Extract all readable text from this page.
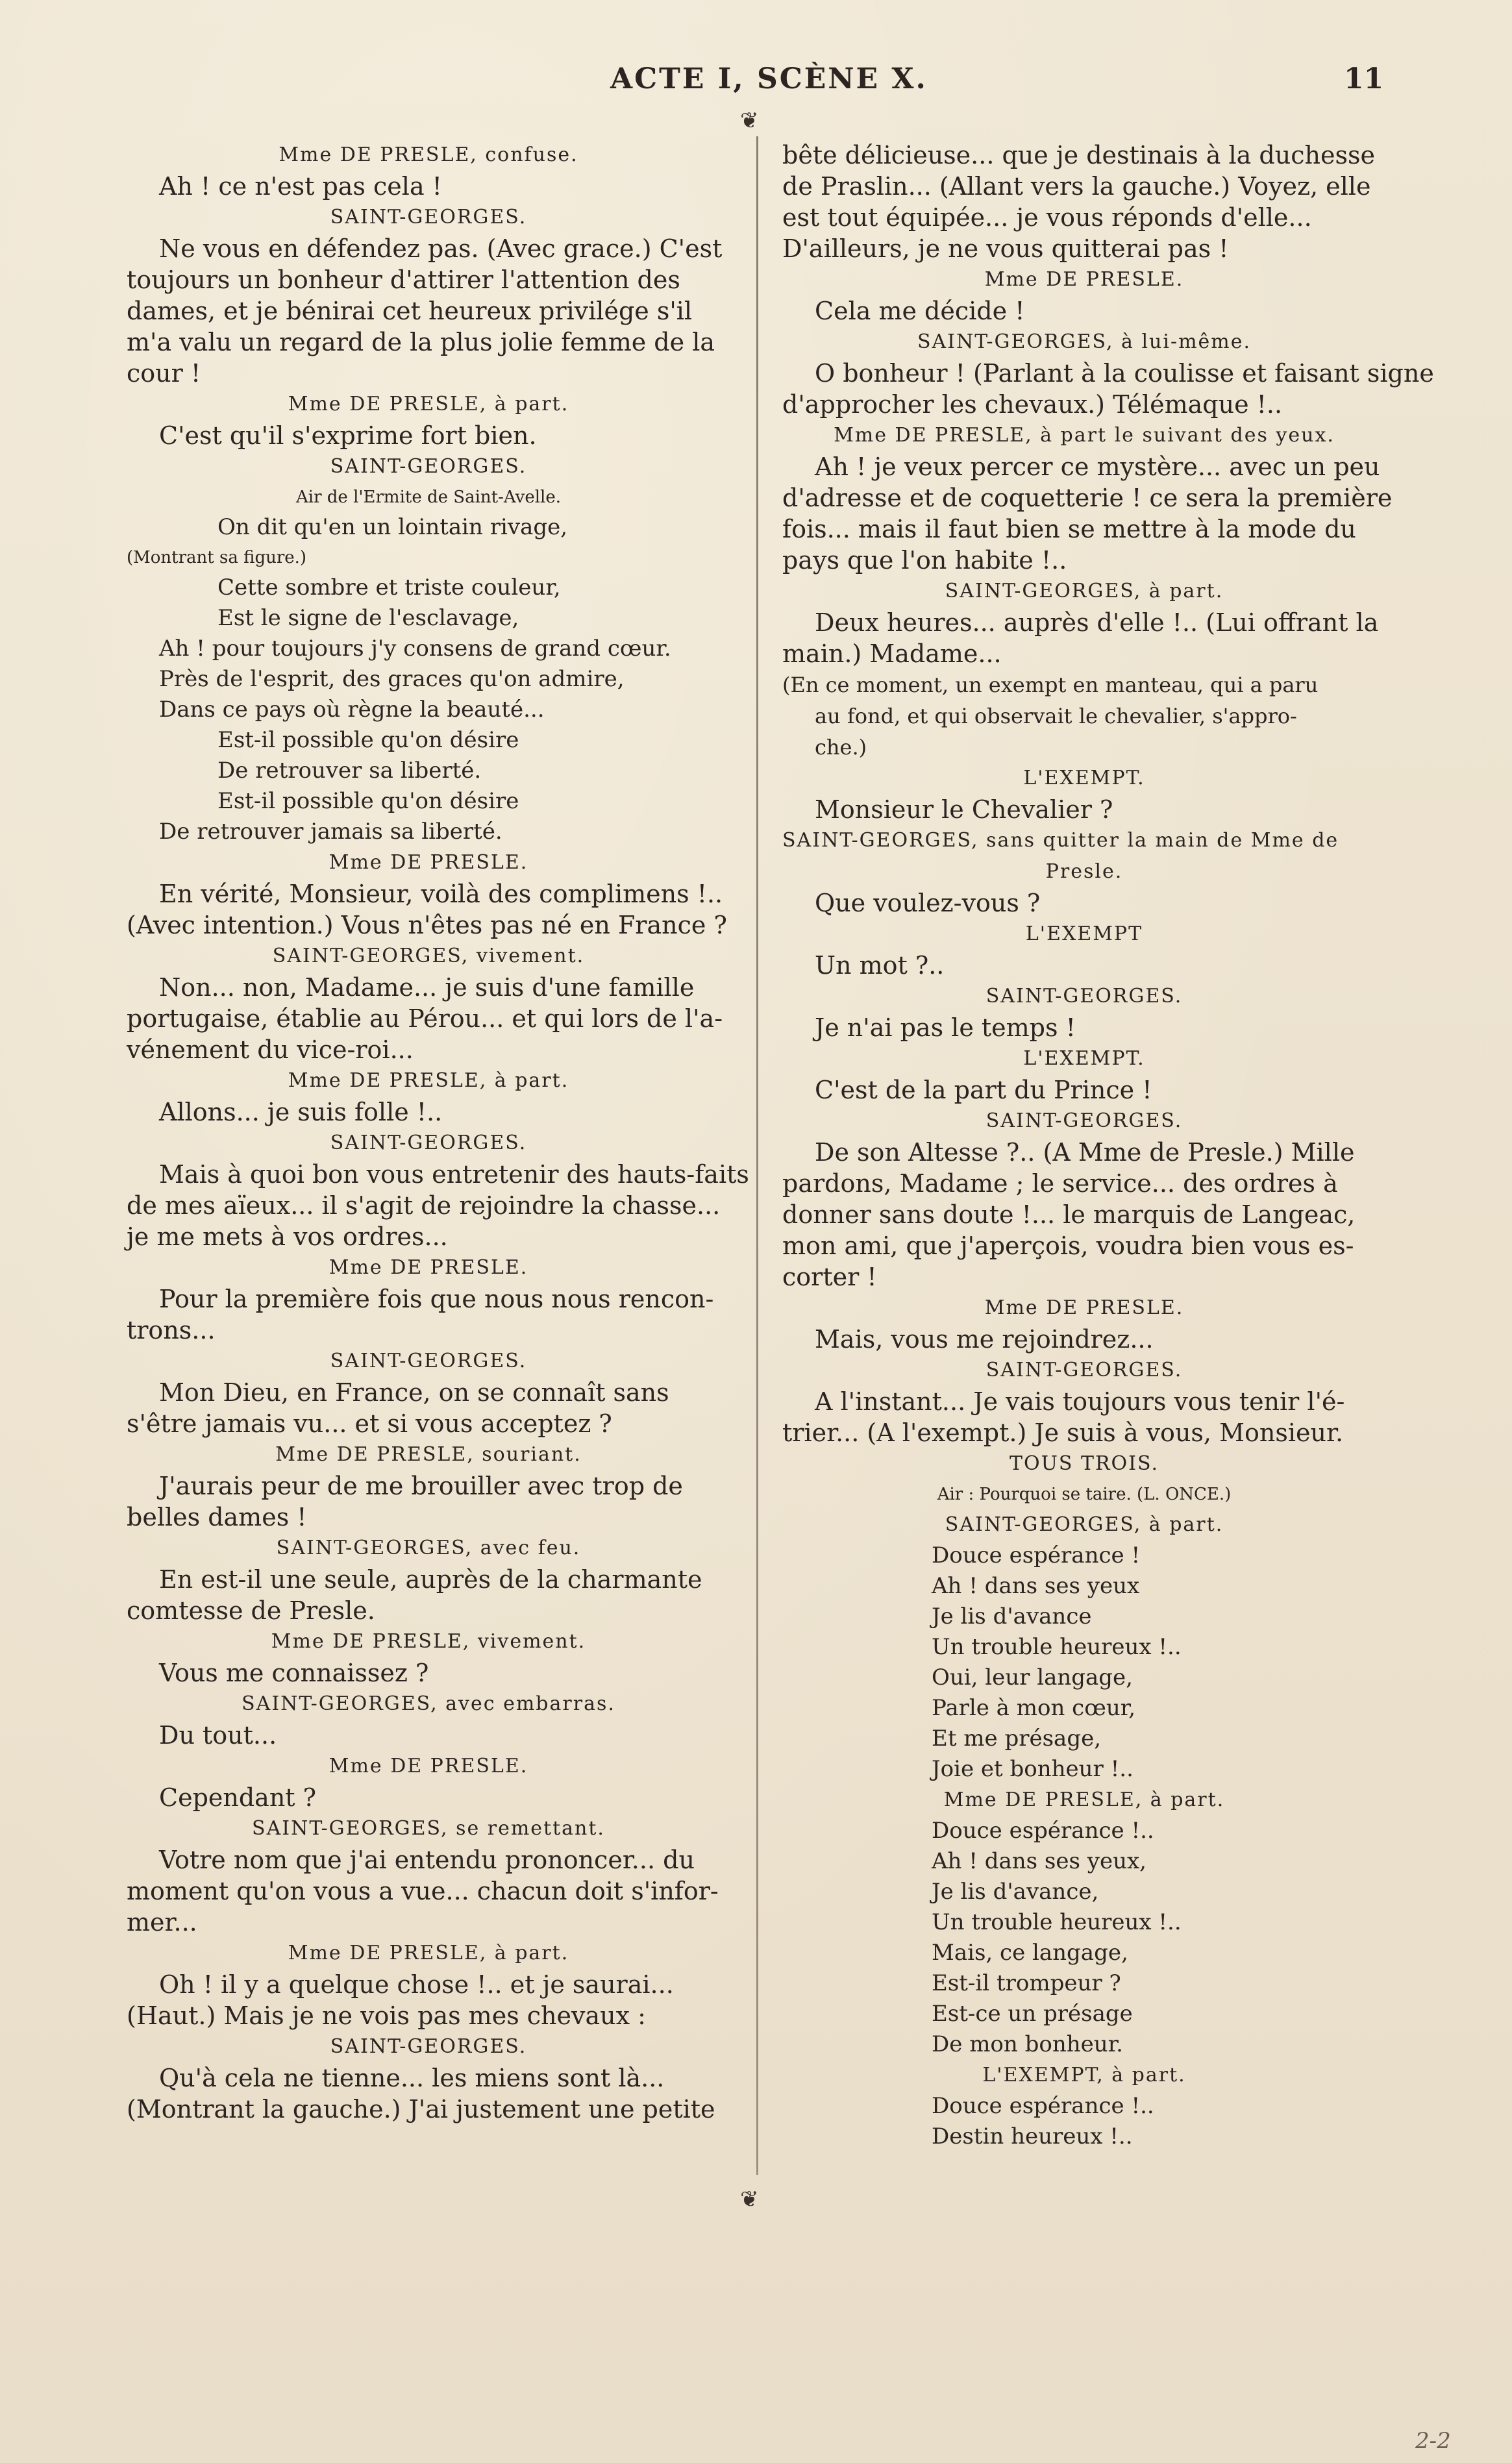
ACTE I, SCÈNE X.	11
❦
❦
Mme DE PRESLE, confuse.
Ah ! ce n'est pas cela !
SAINT-GEORGES.
Ne vous en défendez pas. (Avec grace.) C'est
toujours un bonheur d'attirer l'attention des
dames, et je bénirai cet heureux privilége s'il
m'a valu un regard de la plus jolie femme de la
cour !
Mme DE PRESLE, à part.
C'est qu'il s'exprime fort bien.
SAINT-GEORGES.
Air de l'Ermite de Saint-Avelle.
On dit qu'en un lointain rivage,
(Montrant sa figure.)
Cette sombre et triste couleur,
Est le signe de l'esclavage,
Ah ! pour toujours j'y consens de grand cœur.
Près de l'esprit, des graces qu'on admire,
Dans ce pays où règne la beauté...
Est-il possible qu'on désire
De retrouver sa liberté.
Est-il possible qu'on désire
De retrouver jamais sa liberté.
Mme DE PRESLE.
En vérité, Monsieur, voilà des complimens !..
(Avec intention.) Vous n'êtes pas né en France ?
SAINT-GEORGES, vivement.
Non... non, Madame... je suis d'une famille
portugaise, établie au Pérou... et qui lors de l'a-
vénement du vice-roi...
Mme DE PRESLE, à part.
Allons... je suis folle !..
SAINT-GEORGES.
Mais à quoi bon vous entretenir des hauts-faits
de mes aïeux... il s'agit de rejoindre la chasse...
je me mets à vos ordres...
Mme DE PRESLE.
Pour la première fois que nous nous rencon-
trons...
SAINT-GEORGES.
Mon Dieu, en France, on se connaît sans
s'être jamais vu... et si vous acceptez ?
Mme DE PRESLE, souriant.
J'aurais peur de me brouiller avec trop de
belles dames !
SAINT-GEORGES, avec feu.
En est-il une seule, auprès de la charmante
comtesse de Presle.
Mme DE PRESLE, vivement.
Vous me connaissez ?
SAINT-GEORGES, avec embarras.
Du tout...
Mme DE PRESLE.
Cependant ?
SAINT-GEORGES, se remettant.
Votre nom que j'ai entendu prononcer... du
moment qu'on vous a vue... chacun doit s'infor-
mer...
Mme DE PRESLE, à part.
Oh ! il y a quelque chose !.. et je saurai...
(Haut.) Mais je ne vois pas mes chevaux :
SAINT-GEORGES.
Qu'à cela ne tienne... les miens sont là...
(Montrant la gauche.) J'ai justement une petite
bête délicieuse... que je destinais à la duchesse
de Praslin... (Allant vers la gauche.) Voyez, elle
est tout équipée... je vous réponds d'elle...
D'ailleurs, je ne vous quitterai pas !
Mme DE PRESLE.
Cela me décide !
SAINT-GEORGES, à lui-même.
O bonheur ! (Parlant à la coulisse et faisant signe
d'approcher les chevaux.) Télémaque !..
Mme DE PRESLE, à part le suivant des yeux.
Ah ! je veux percer ce mystère... avec un peu
d'adresse et de coquetterie ! ce sera la première
fois... mais il faut bien se mettre à la mode du
pays que l'on habite !..
SAINT-GEORGES, à part.
Deux heures... auprès d'elle !.. (Lui offrant la
main.) Madame...
(En ce moment, un exempt en manteau, qui a paru
au fond, et qui observait le chevalier, s'appro-
che.)
L'EXEMPT.
Monsieur le Chevalier ?
SAINT-GEORGES, sans quitter la main de Mme de
Presle.
Que voulez-vous ?
L'EXEMPT
Un mot ?..
SAINT-GEORGES.
Je n'ai pas le temps !
L'EXEMPT.
C'est de la part du Prince !
SAINT-GEORGES.
De son Altesse ?.. (A Mme de Presle.) Mille
pardons, Madame ; le service... des ordres à
donner sans doute !... le marquis de Langeac,
mon ami, que j'aperçois, voudra bien vous es-
corter !
Mme DE PRESLE.
Mais, vous me rejoindrez...
SAINT-GEORGES.
A l'instant... Je vais toujours vous tenir l'é-
trier... (A l'exempt.) Je suis à vous, Monsieur.
TOUS TROIS.
Air : Pourquoi se taire. (L. ONCE.)
SAINT-GEORGES, à part.
Douce espérance !
Ah ! dans ses yeux
Je lis d'avance
Un trouble heureux !..
Oui, leur langage,
Parle à mon cœur,
Et me présage,
Joie et bonheur !..
Mme DE PRESLE, à part.
Douce espérance !..
Ah ! dans ses yeux,
Je lis d'avance,
Un trouble heureux !..
Mais, ce langage,
Est-il trompeur ?
Est-ce un présage
De mon bonheur.
L'EXEMPT, à part.
Douce espérance !..
Destin heureux !..
2-2
